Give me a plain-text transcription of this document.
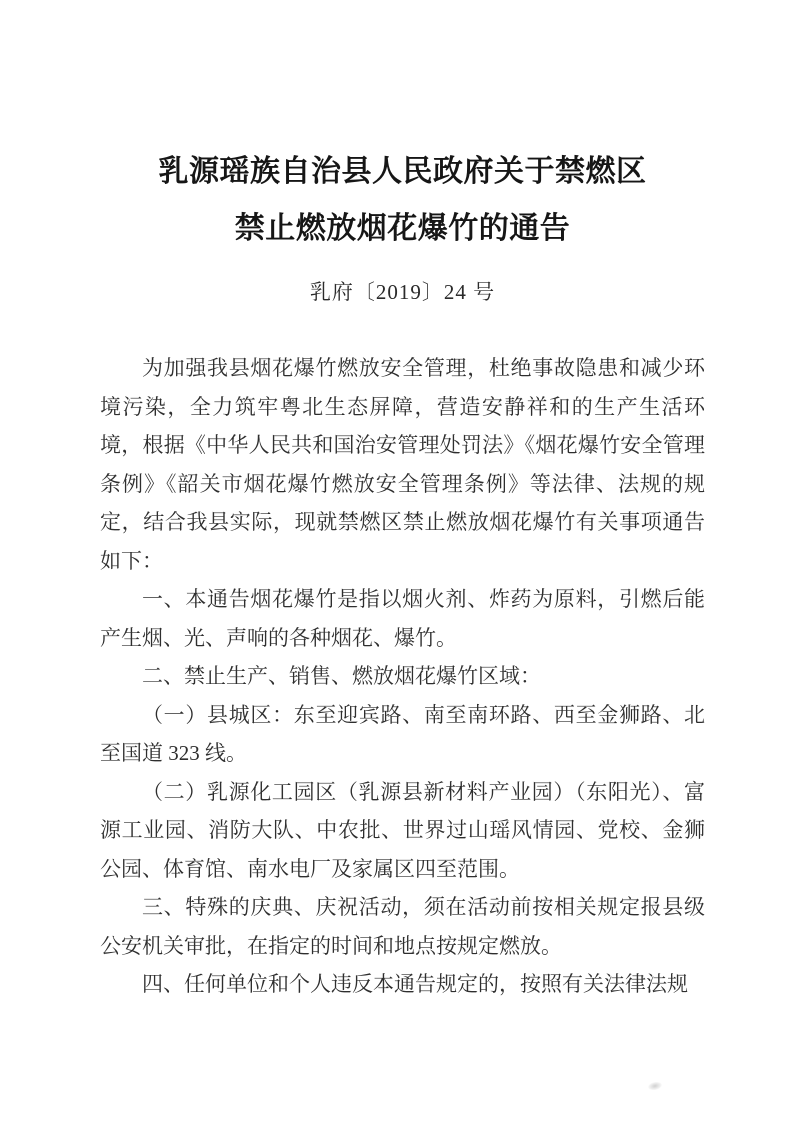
乳源瑶族自治县人民政府关于禁燃区
禁止燃放烟花爆竹的通告
乳府〔2019〕24 号

为加强我县烟花爆竹燃放安全管理，杜绝事故隐患和减少环境污染，全力筑牢粤北生态屏障，营造安静祥和的生产生活环境，根据《中华人民共和国治安管理处罚法》《烟花爆竹安全管理条例》《韶关市烟花爆竹燃放安全管理条例》等法律、法规的规定，结合我县实际，现就禁燃区禁止燃放烟花爆竹有关事项通告如下：

一、本通告烟花爆竹是指以烟火剂、炸药为原料，引燃后能产生烟、光、声响的各种烟花、爆竹。

二、禁止生产、销售、燃放烟花爆竹区域：

（一）县城区：东至迎宾路、南至南环路、西至金狮路、北至国道 323 线。

（二）乳源化工园区（乳源县新材料产业园）（东阳光）、富源工业园、消防大队、中农批、世界过山瑶风情园、党校、金狮公园、体育馆、南水电厂及家属区四至范围。

三、特殊的庆典、庆祝活动，须在活动前按相关规定报县级公安机关审批，在指定的时间和地点按规定燃放。

四、任何单位和个人违反本通告规定的，按照有关法律法规
